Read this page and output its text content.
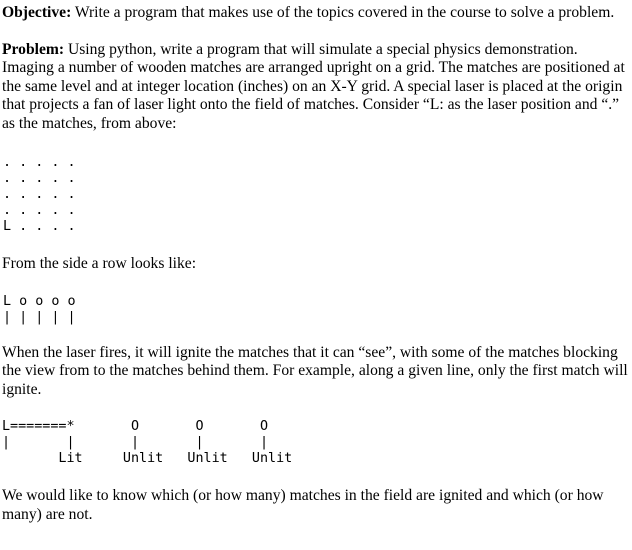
Objective: Write a program that makes use of the topics covered in the course to solve a problem.

Problem: Using python, write a program that will simulate a special physics demonstration. Imaging a number of wooden matches are arranged upright on a grid. The matches are positioned at the same level and at integer location (inches) on an X-Y grid. A special laser is placed at the origin that projects a fan of laser light onto the field of matches. Consider “L: as the laser position and “.” as the matches, from above:

. . . . .
. . . . .
. . . . .
. . . . .
L . . . .

From the side a row looks like:

L o o o o
| | | | |

When the laser fires, it will ignite the matches that it can “see”, with some of the matches blocking the view from to the matches behind them. For example, along a given line, only the first match will ignite.

L=======*       O       O       O
|       |       |       |       |
Lit     Unlit   Unlit   Unlit

We would like to know which (or how many) matches in the field are ignited and which (or how many) are not.
